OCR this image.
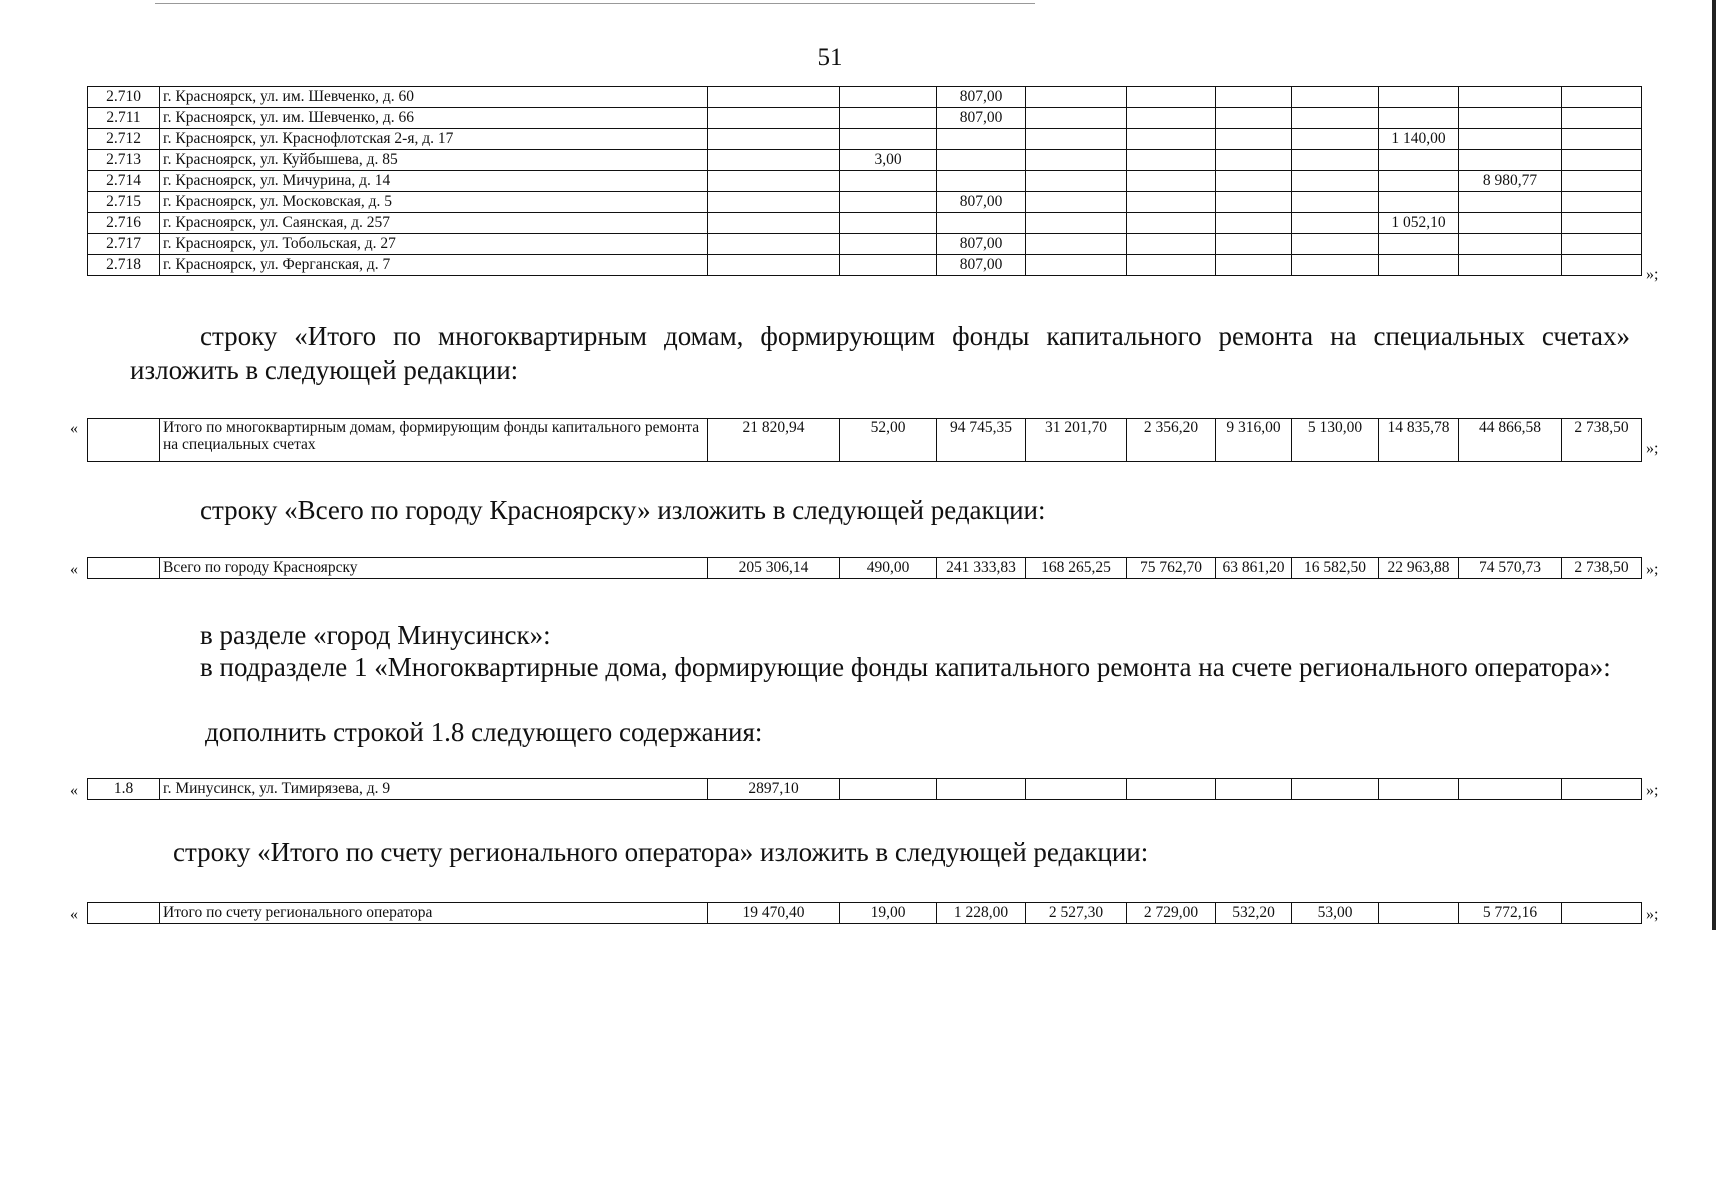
51
2.710	г. Красноярск, ул. им. Шевченко, д. 60			807,00							
2.711	г. Красноярск, ул. им. Шевченко, д. 66			807,00							
2.712	г. Красноярск, ул. Краснофлотская 2-я, д. 17								1 140,00		
2.713	г. Красноярск, ул. Куйбышева, д. 85		3,00								
2.714	г. Красноярск, ул. Мичурина, д. 14									8 980,77	
2.715	г. Красноярск, ул. Московская, д. 5			807,00							
2.716	г. Красноярск, ул. Саянская, д. 257								1 052,10		
2.717	г. Красноярск, ул. Тобольская, д. 27			807,00							
2.718	г. Красноярск, ул. Ферганская, д. 7			807,00							
»;
строку «Итого по многоквартирным домам, формирующим фонды капитального ремонта на специальных счетах» изложить в следующей редакции:
«
		Итого по многоквартирным домам, формирующим фонды капитального ремонта на специальных счетах	21 820,94	52,00	94 745,35	31 201,70	2 356,20	9 316,00	5 130,00	14 835,78	44 866,58	2 738,50
»;
строку «Всего по городу Красноярску» изложить в следующей редакции:
«
		Всего по городу Красноярску	205 306,14	490,00	241 333,83	168 265,25	75 762,70	63 861,20	16 582,50	22 963,88	74 570,73	2 738,50 »;
в разделе «город Минусинск»:
в подразделе 1 «Многоквартирные дома, формирующие фонды капитального ремонта на счете регионального оператора»:
дополнить строкой 1.8 следующего содержания:
« 1.8	г. Минусинск, ул. Тимирязева, д. 9	2897,10										»;
строку «Итого по счету регионального оператора» изложить в следующей редакции:
«
		Итого по счету регионального оператора	19 470,40	19,00	1 228,00	2 527,30	2 729,00	532,20	53,00		5 772,16		»;
